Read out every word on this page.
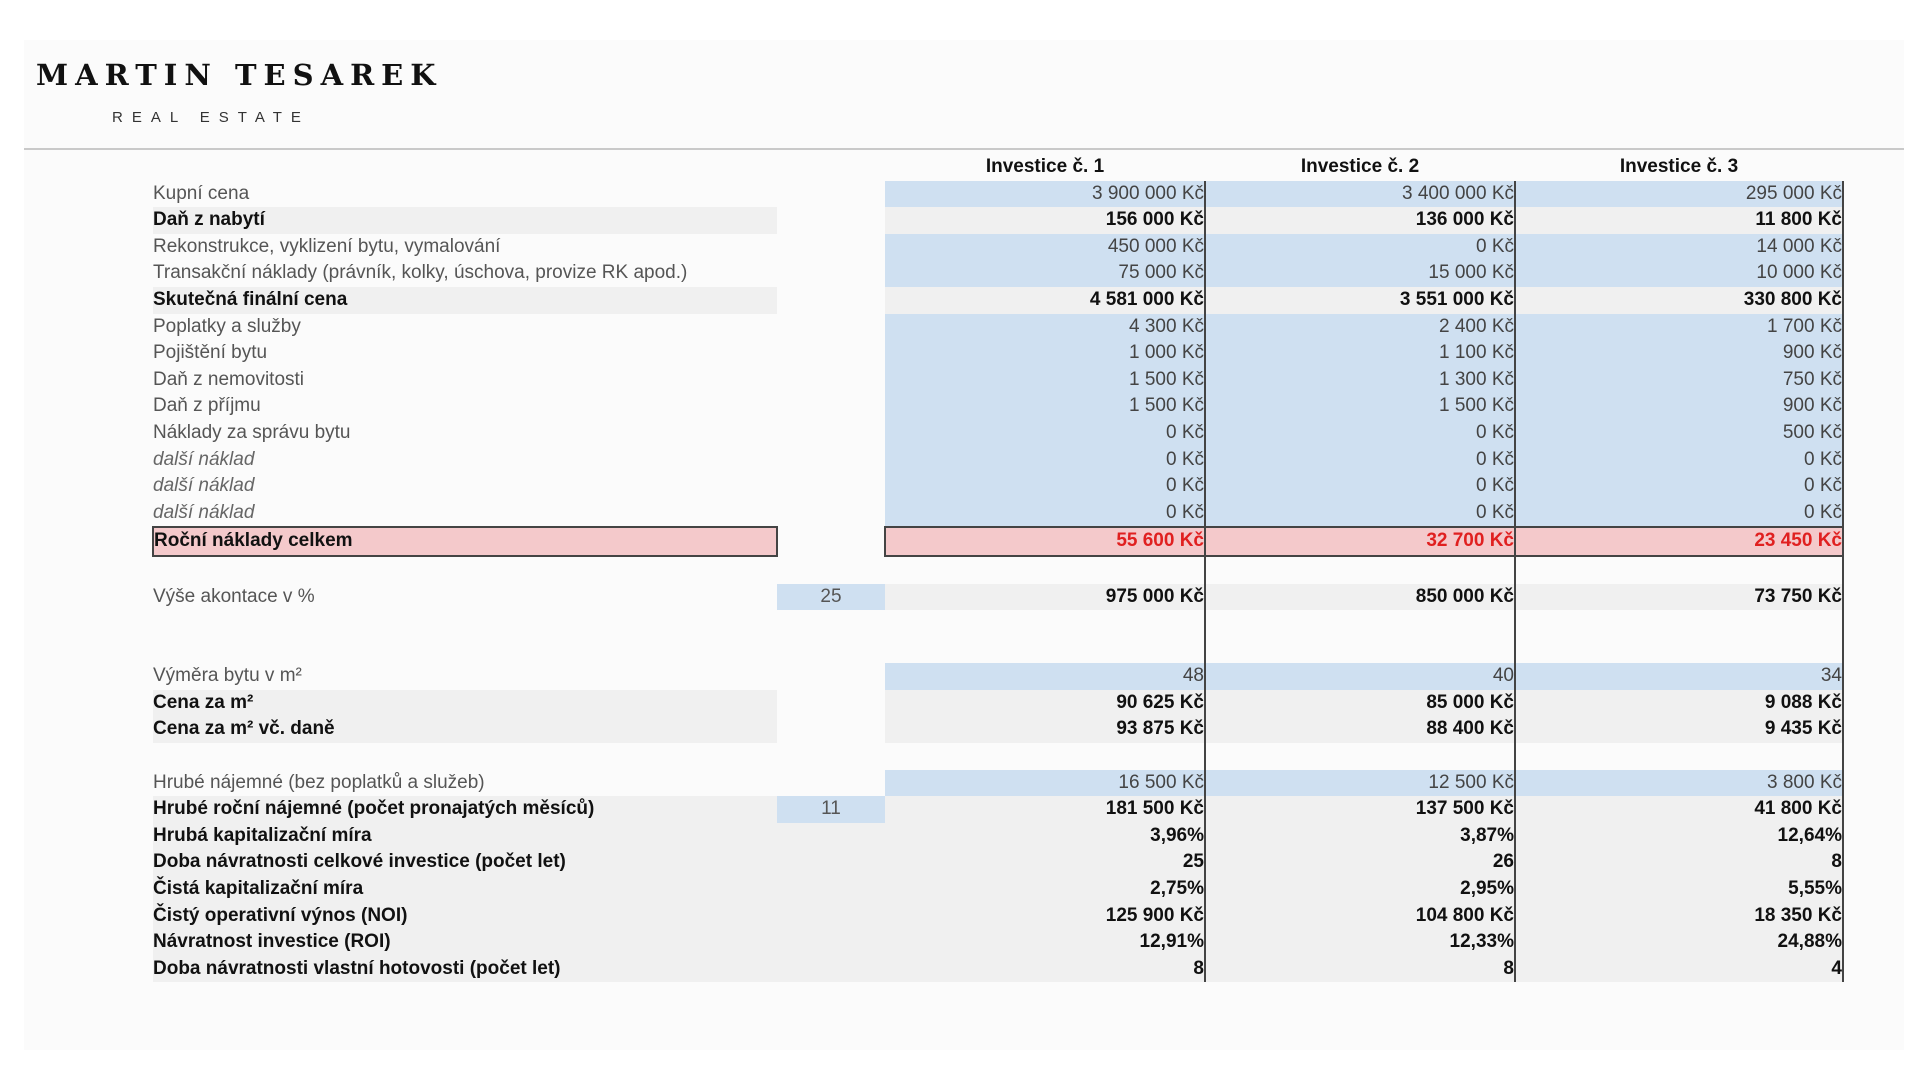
MARTIN TESAREK
REAL ESTATE
		Investice č. 1	Investice č. 2	Investice č. 3
Kupní cena		3 900 000 Kč	3 400 000 Kč	295 000 Kč
Daň z nabytí		156 000 Kč	136 000 Kč	11 800 Kč
Rekonstrukce, vyklizení bytu, vymalování		450 000 Kč	0 Kč	14 000 Kč
Transakční náklady (právník, kolky, úschova, provize RK apod.)		75 000 Kč	15 000 Kč	10 000 Kč
Skutečná finální cena		4 581 000 Kč	3 551 000 Kč	330 800 Kč
Poplatky a služby		4 300 Kč	2 400 Kč	1 700 Kč
Pojištění bytu		1 000 Kč	1 100 Kč	900 Kč
Daň z nemovitosti		1 500 Kč	1 300 Kč	750 Kč
Daň z příjmu		1 500 Kč	1 500 Kč	900 Kč
Náklady za správu bytu		0 Kč	0 Kč	500 Kč
další náklad		0 Kč	0 Kč	0 Kč
další náklad		0 Kč	0 Kč	0 Kč
další náklad		0 Kč	0 Kč	0 Kč
Roční náklady celkem		55 600 Kč	32 700 Kč	23 450 Kč

Výše akontace v %	25	975 000 Kč	850 000 Kč	73 750 Kč

Výměra bytu v m²		48	40	34
Cena za m²		90 625 Kč	85 000 Kč	9 088 Kč
Cena za m² vč. daně		93 875 Kč	88 400 Kč	9 435 Kč

Hrubé nájemné (bez poplatků a služeb)		16 500 Kč	12 500 Kč	3 800 Kč
Hrubé roční nájemné (počet pronajatých měsíců)	11	181 500 Kč	137 500 Kč	41 800 Kč
Hrubá kapitalizační míra		3,96%	3,87%	12,64%
Doba návratnosti celkové investice (počet let)		25	26	8
Čistá kapitalizační míra		2,75%	2,95%	5,55%
Čistý operativní výnos (NOI)		125 900 Kč	104 800 Kč	18 350 Kč
Návratnost investice (ROI)		12,91%	12,33%	24,88%
Doba návratnosti vlastní hotovosti (počet let)		8	8	4
